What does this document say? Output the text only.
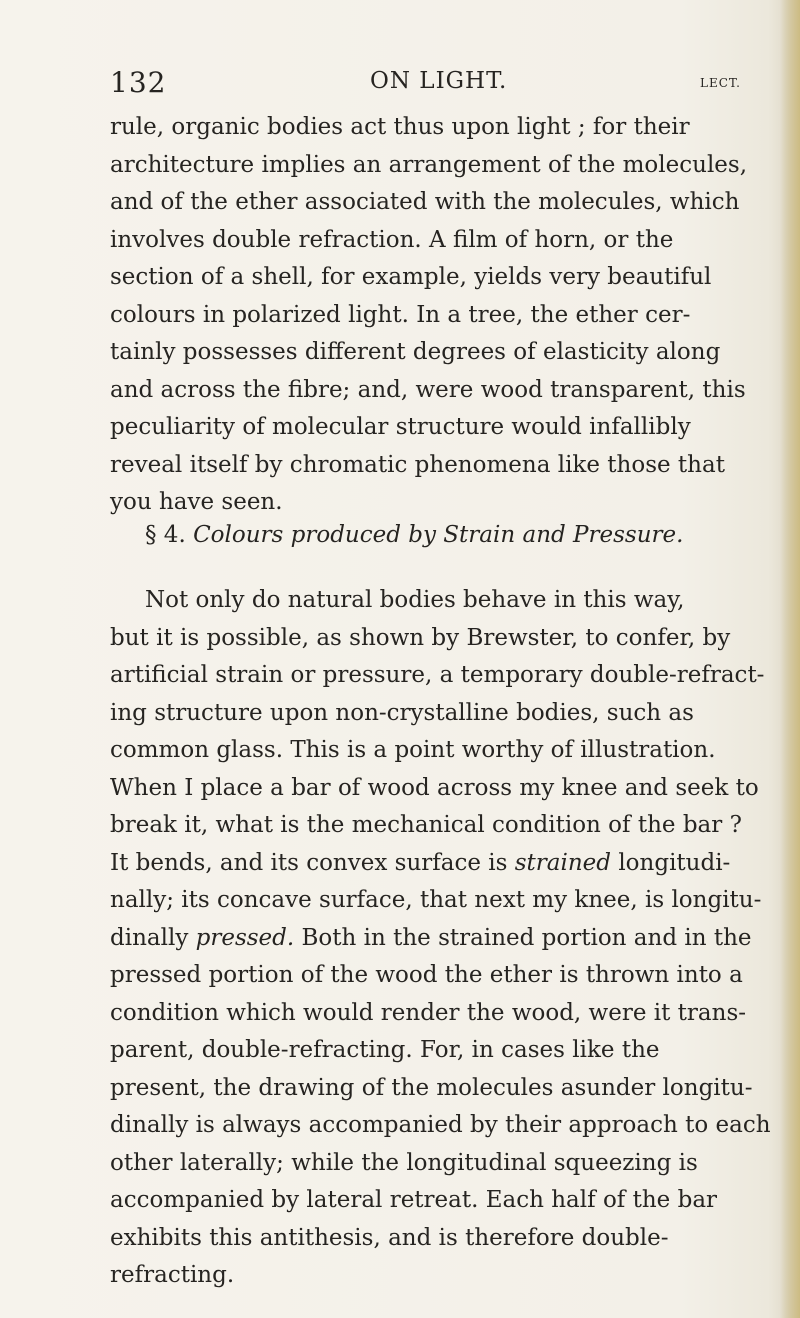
132	ON LIGHT.	LECT.
rule, organic bodies act thus upon light ; for their
architecture implies an arrangement of the molecules,
and of the ether associated with the molecules, which
involves double refraction. A film of horn, or the
section of a shell, for example, yields very beautiful
colours in polarized light. In a tree, the ether cer-
tainly possesses different degrees of elasticity along
and across the fibre; and, were wood transparent, this
peculiarity of molecular structure would infallibly
reveal itself by chromatic phenomena like those that
you have seen.
§ 4. Colours produced by Strain and Pressure.
Not only do natural bodies behave in this way,
but it is possible, as shown by Brewster, to confer, by
artificial strain or pressure, a temporary double-refract-
ing structure upon non-crystalline bodies, such as
common glass. This is a point worthy of illustration.
When I place a bar of wood across my knee and seek to
break it, what is the mechanical condition of the bar ?
It bends, and its convex surface is strained longitudi-
nally; its concave surface, that next my knee, is longitu-
dinally pressed. Both in the strained portion and in the
pressed portion of the wood the ether is thrown into a
condition which would render the wood, were it trans-
parent, double-refracting. For, in cases like the
present, the drawing of the molecules asunder longitu-
dinally is always accompanied by their approach to each
other laterally; while the longitudinal squeezing is
accompanied by lateral retreat. Each half of the bar
exhibits this antithesis, and is therefore double-
refracting.
